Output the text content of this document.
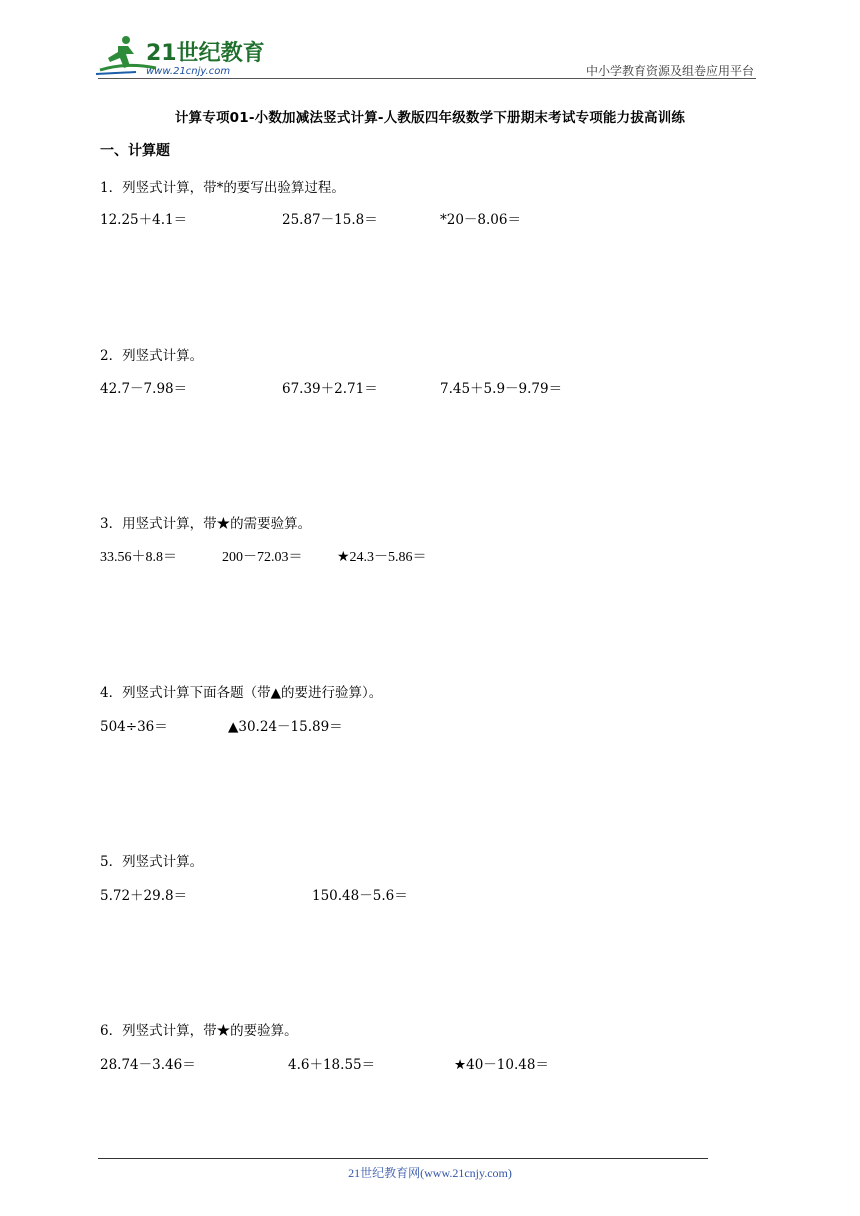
21世纪教育
www.21cnjy.com	中小学教育资源及组卷应用平台
计算专项01-小数加减法竖式计算-人教版四年级数学下册期末考试专项能力拔高训练
一、计算题
1．列竖式计算，带*的要写出验算过程。
12.25＋4.1＝	25.87－15.8＝	*20－8.06＝
2．列竖式计算。
42.7－7.98＝	67.39＋2.71＝	7.45＋5.9－9.79＝
3．用竖式计算，带★的需要验算。
33.56＋8.8＝	200－72.03＝ ★24.3－5.86＝
4．列竖式计算下面各题（带▲的要进行验算）。
504÷36＝	▲30.24－15.89＝
5．列竖式计算。
5.72＋29.8＝	150.48－5.6＝
6．列竖式计算，带★的要验算。
28.74－3.46＝	4.6＋18.55＝	★40－10.48＝
21世纪教育网(www.21cnjy.com)
